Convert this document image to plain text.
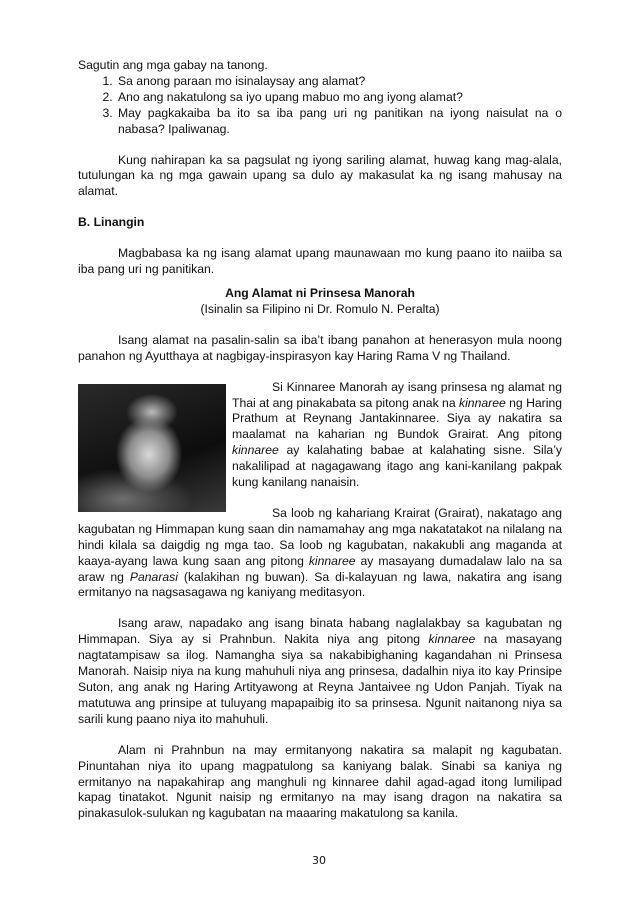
Sagutin ang mga gabay na tanong.

1. Sa anong paraan mo isinalaysay ang alamat?
2. Ano ang nakatulong sa iyo upang mabuo mo ang iyong alamat?
3. May pagkakaiba ba ito sa iba pang uri ng panitikan na iyong naisulat na o nabasa? Ipaliwanag.

Kung nahirapan ka sa pagsulat ng iyong sariling alamat, huwag kang mag-alala, tutulungan ka ng mga gawain upang sa dulo ay makasulat ka ng isang mahusay na alamat.

B. Linangin

Magbabasa ka ng isang alamat upang maunawaan mo kung paano ito naiiba sa iba pang uri ng panitikan.

Ang Alamat ni Prinsesa Manorah

(Isinalin sa Filipino ni Dr. Romulo N. Peralta)

Isang alamat na pasalin-salin sa iba’t ibang panahon at henerasyon mula noong panahon ng Ayutthaya at nagbigay-inspirasyon kay Haring Rama V ng Thailand.

Si Kinnaree Manorah ay isang prinsesa ng alamat ng Thai at ang pinakabata sa pitong anak na kinnaree ng Haring Prathum at Reynang Jantakinnaree. Siya ay nakatira sa maalamat na kaharian ng Bundok Grairat. Ang pitong kinnaree ay kalahating babae at kalahating sisne. Sila’y nakalilipad at nagagawang itago ang kani-kanilang pakpak kung kanilang nanaisin.

Sa loob ng kahariang Krairat (Grairat), nakatago ang kagubatan ng Himmapan kung saan din namamahay ang mga nakatatakot na nilalang na hindi kilala sa daigdig ng mga tao. Sa loob ng kagubatan, nakakubli ang maganda at kaaya-ayang lawa kung saan ang pitong kinnaree ay masayang dumadalaw lalo na sa araw ng Panarasi (kalakihan ng buwan). Sa di-kalayuan ng lawa, nakatira ang isang ermitanyo na nagsasagawa ng kaniyang meditasyon.

Isang araw, napadako ang isang binata habang naglalakbay sa kagubatan ng Himmapan. Siya ay si Prahnbun. Nakita niya ang pitong kinnaree na masayang nagtatampisaw sa ilog. Namangha siya sa nakabibighaning kagandahan ni Prinsesa Manorah. Naisip niya na kung mahuhuli niya ang prinsesa, dadalhin niya ito kay Prinsipe Suton, ang anak ng Haring Artityawong at Reyna Jantaivee ng Udon Panjah. Tiyak na matutuwa ang prinsipe at tuluyang mapapaibig ito sa prinsesa. Ngunit naitanong niya sa sarili kung paano niya ito mahuhuli.

Alam ni Prahnbun na may ermitanyong nakatira sa malapit ng kagubatan. Pinuntahan niya ito upang magpatulong sa kaniyang balak. Sinabi sa kaniya ng ermitanyo na napakahirap ang manghuli ng kinnaree dahil agad-agad itong lumilipad kapag tinatakot. Ngunit naisip ng ermitanyo na may isang dragon na nakatira sa pinakasulok-sulukan ng kagubatan na maaaring makatulong sa kanila.

30
